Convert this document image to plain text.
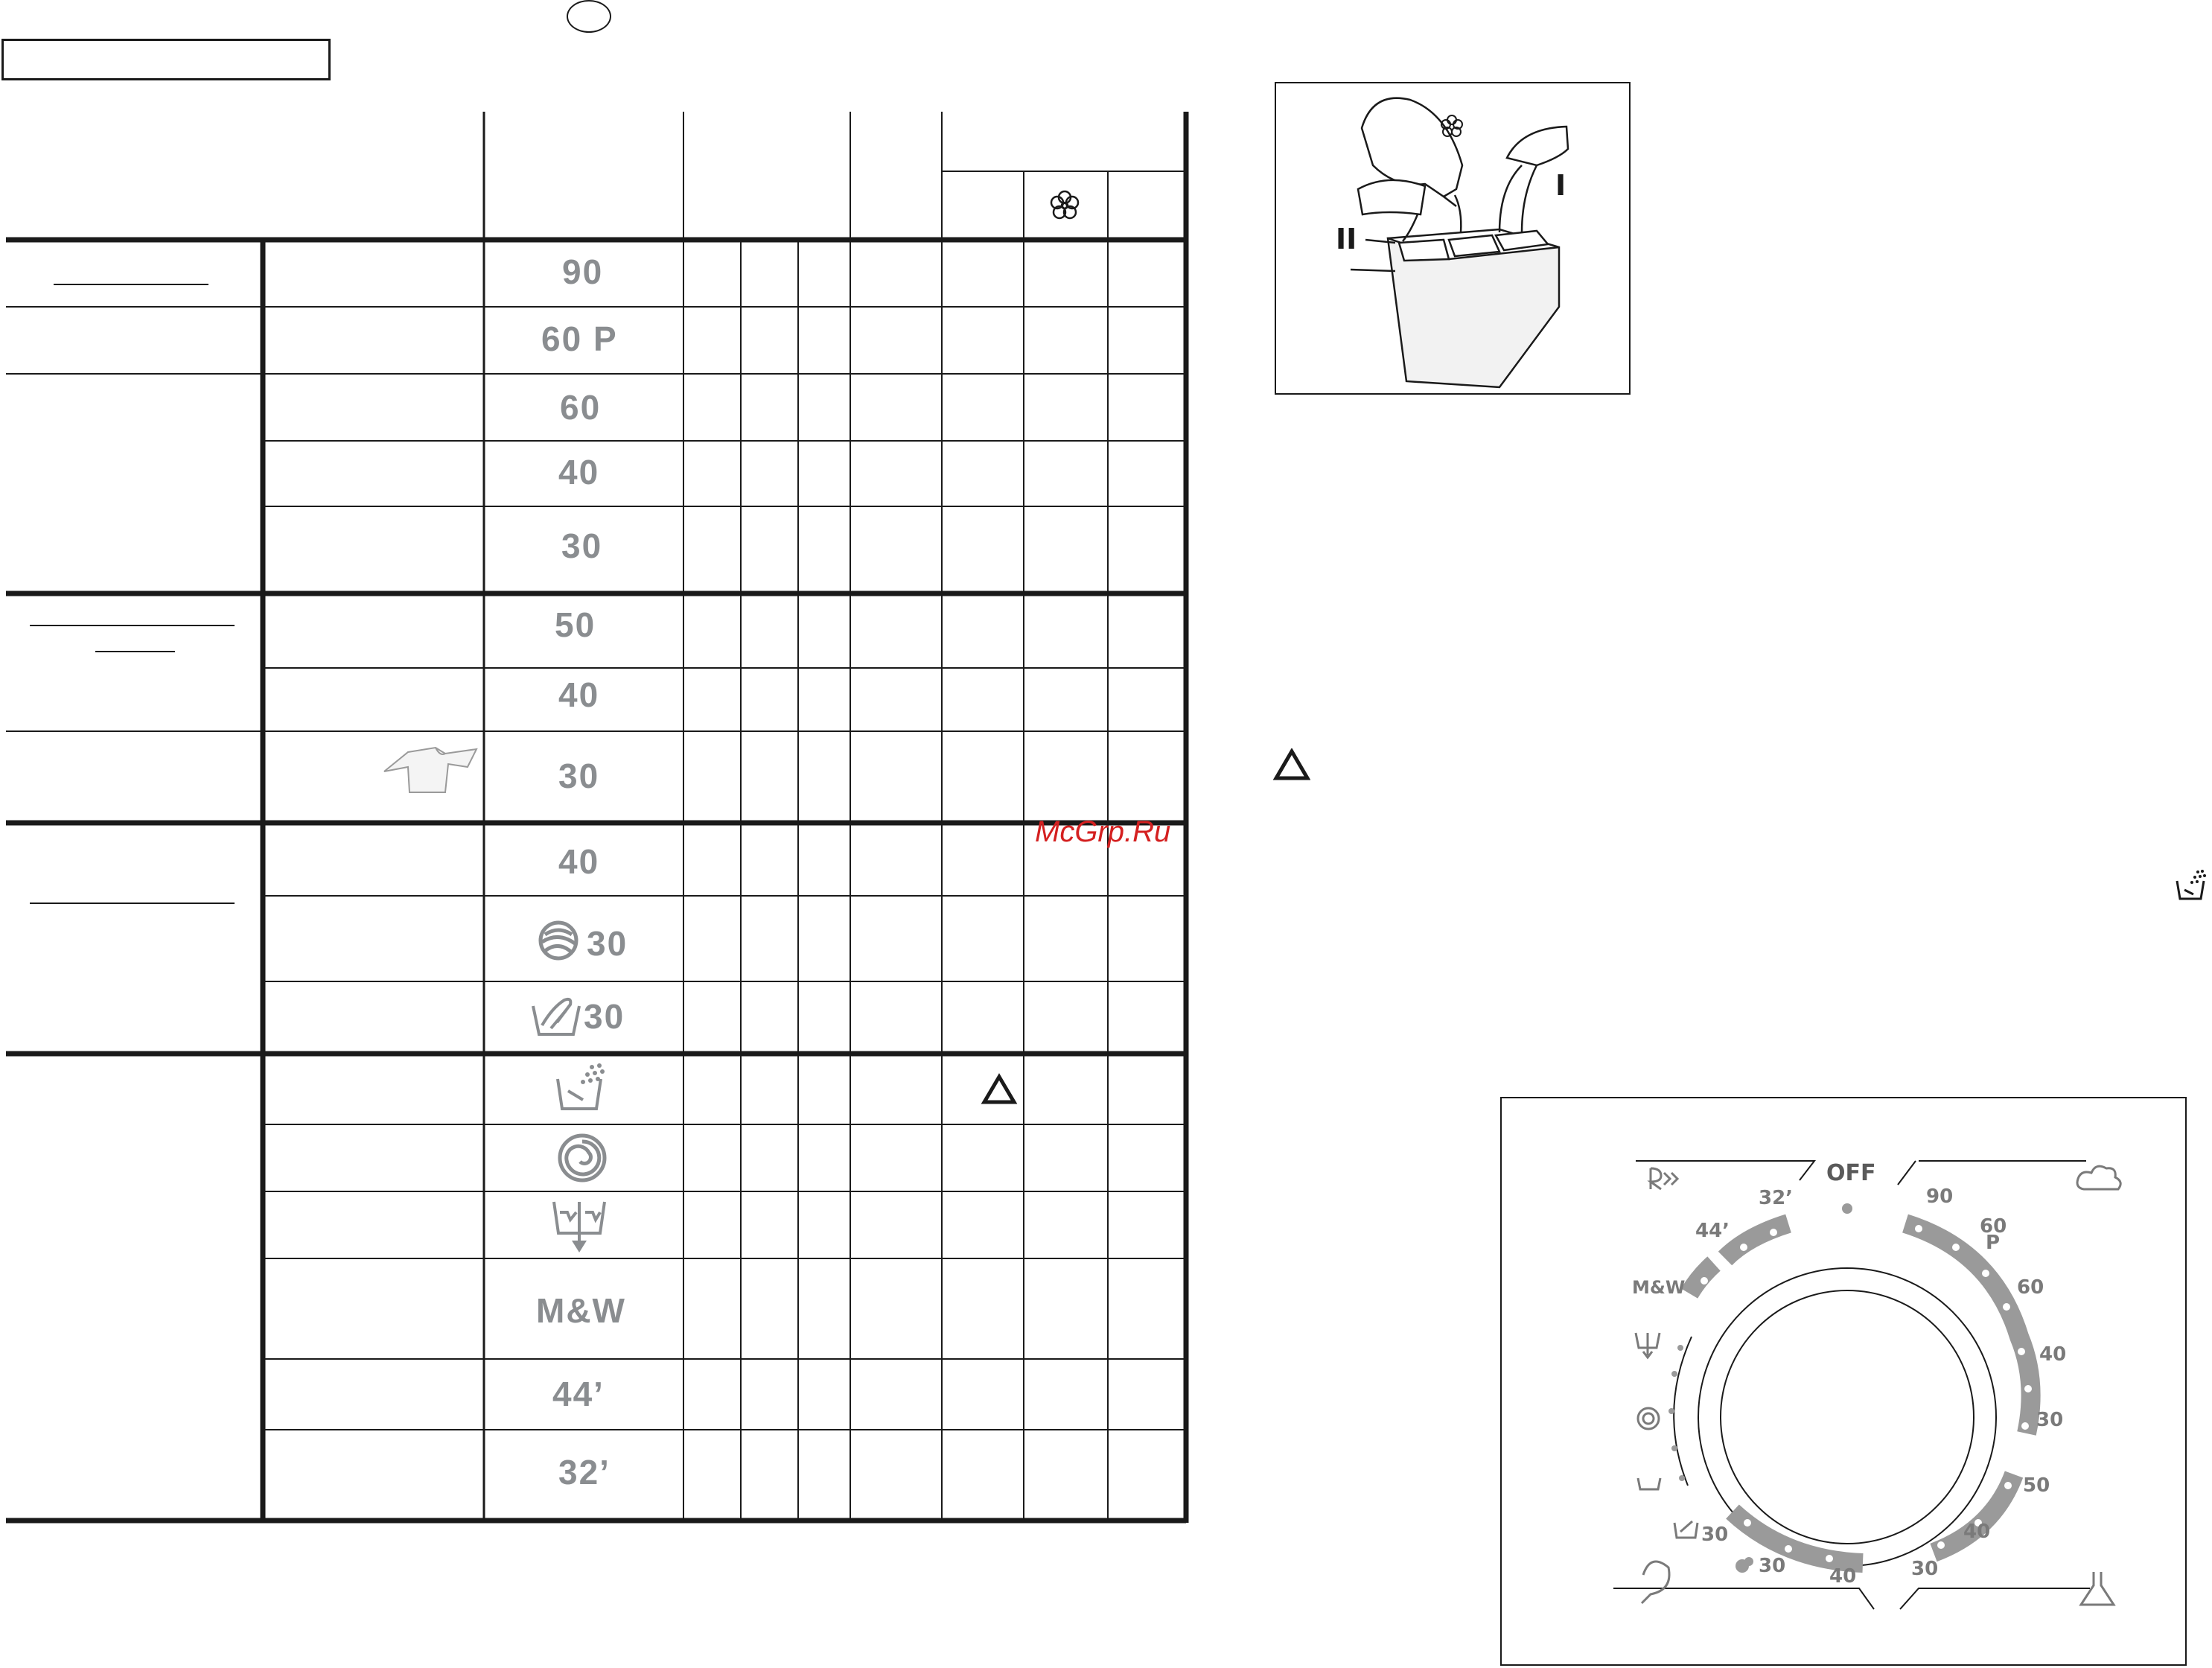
90
60 P
60
40
30
50
40
30
40
30
30
M&W
44’
32’
McGrp.Ru
I
II
OFF
90
60
P
60
40
30
50
40
30
40
30
30
32’
44’
M&W
